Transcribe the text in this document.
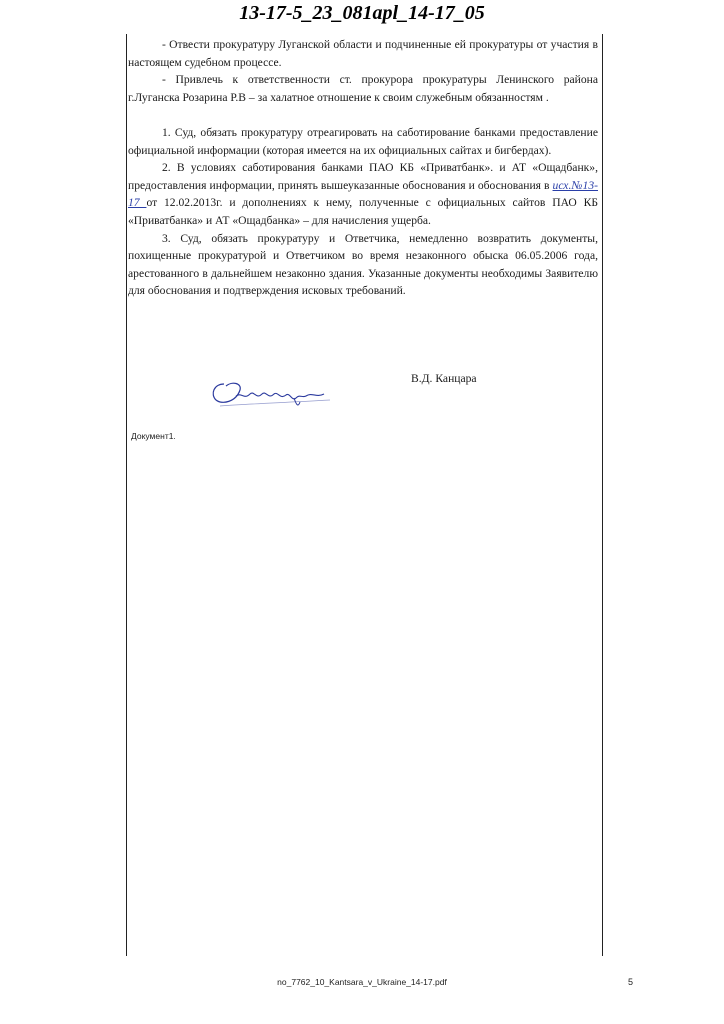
13-17-5_23_081apl_14-17_05

- Отвести прокуратуру Луганской области и подчиненные ей прокуратуры от участия в настоящем судебном процессе.

- Привлечь к ответственности ст. прокурора прокуратуры Ленинского района г.Луганска Розарина Р.В – за халатное отношение к своим служебным обязанностям .

1. Суд, обязать прокуратуру отреагировать на саботирование банками предоставление официальной информации (которая имеется на их официальных сайтах и бигбердах).

2. В условиях саботирования банками ПАО КБ «Приватбанк». и АТ «Ощадбанк», предоставления информации, принять вышеуказанные обоснования и обоснования в исх.№13-17 от 12.02.2013г. и дополнениях к нему, полученные с официальных сайтов ПАО КБ «Приватбанка» и АТ «Ощадбанка» – для начисления ущерба.

3. Суд, обязать прокуратуру и Ответчика, немедленно возвратить документы, похищенные прокуратурой и Ответчиком во время незаконного обыска 06.05.2006 года, арестованного в дальнейшем незаконно здания. Указанные документы необходимы Заявителю для обоснования и подтверждения исковых требований.

В.Д. Канцара
Документ1.
no_7762_10_Kantsara_v_Ukraine_14-17.pdf	5
